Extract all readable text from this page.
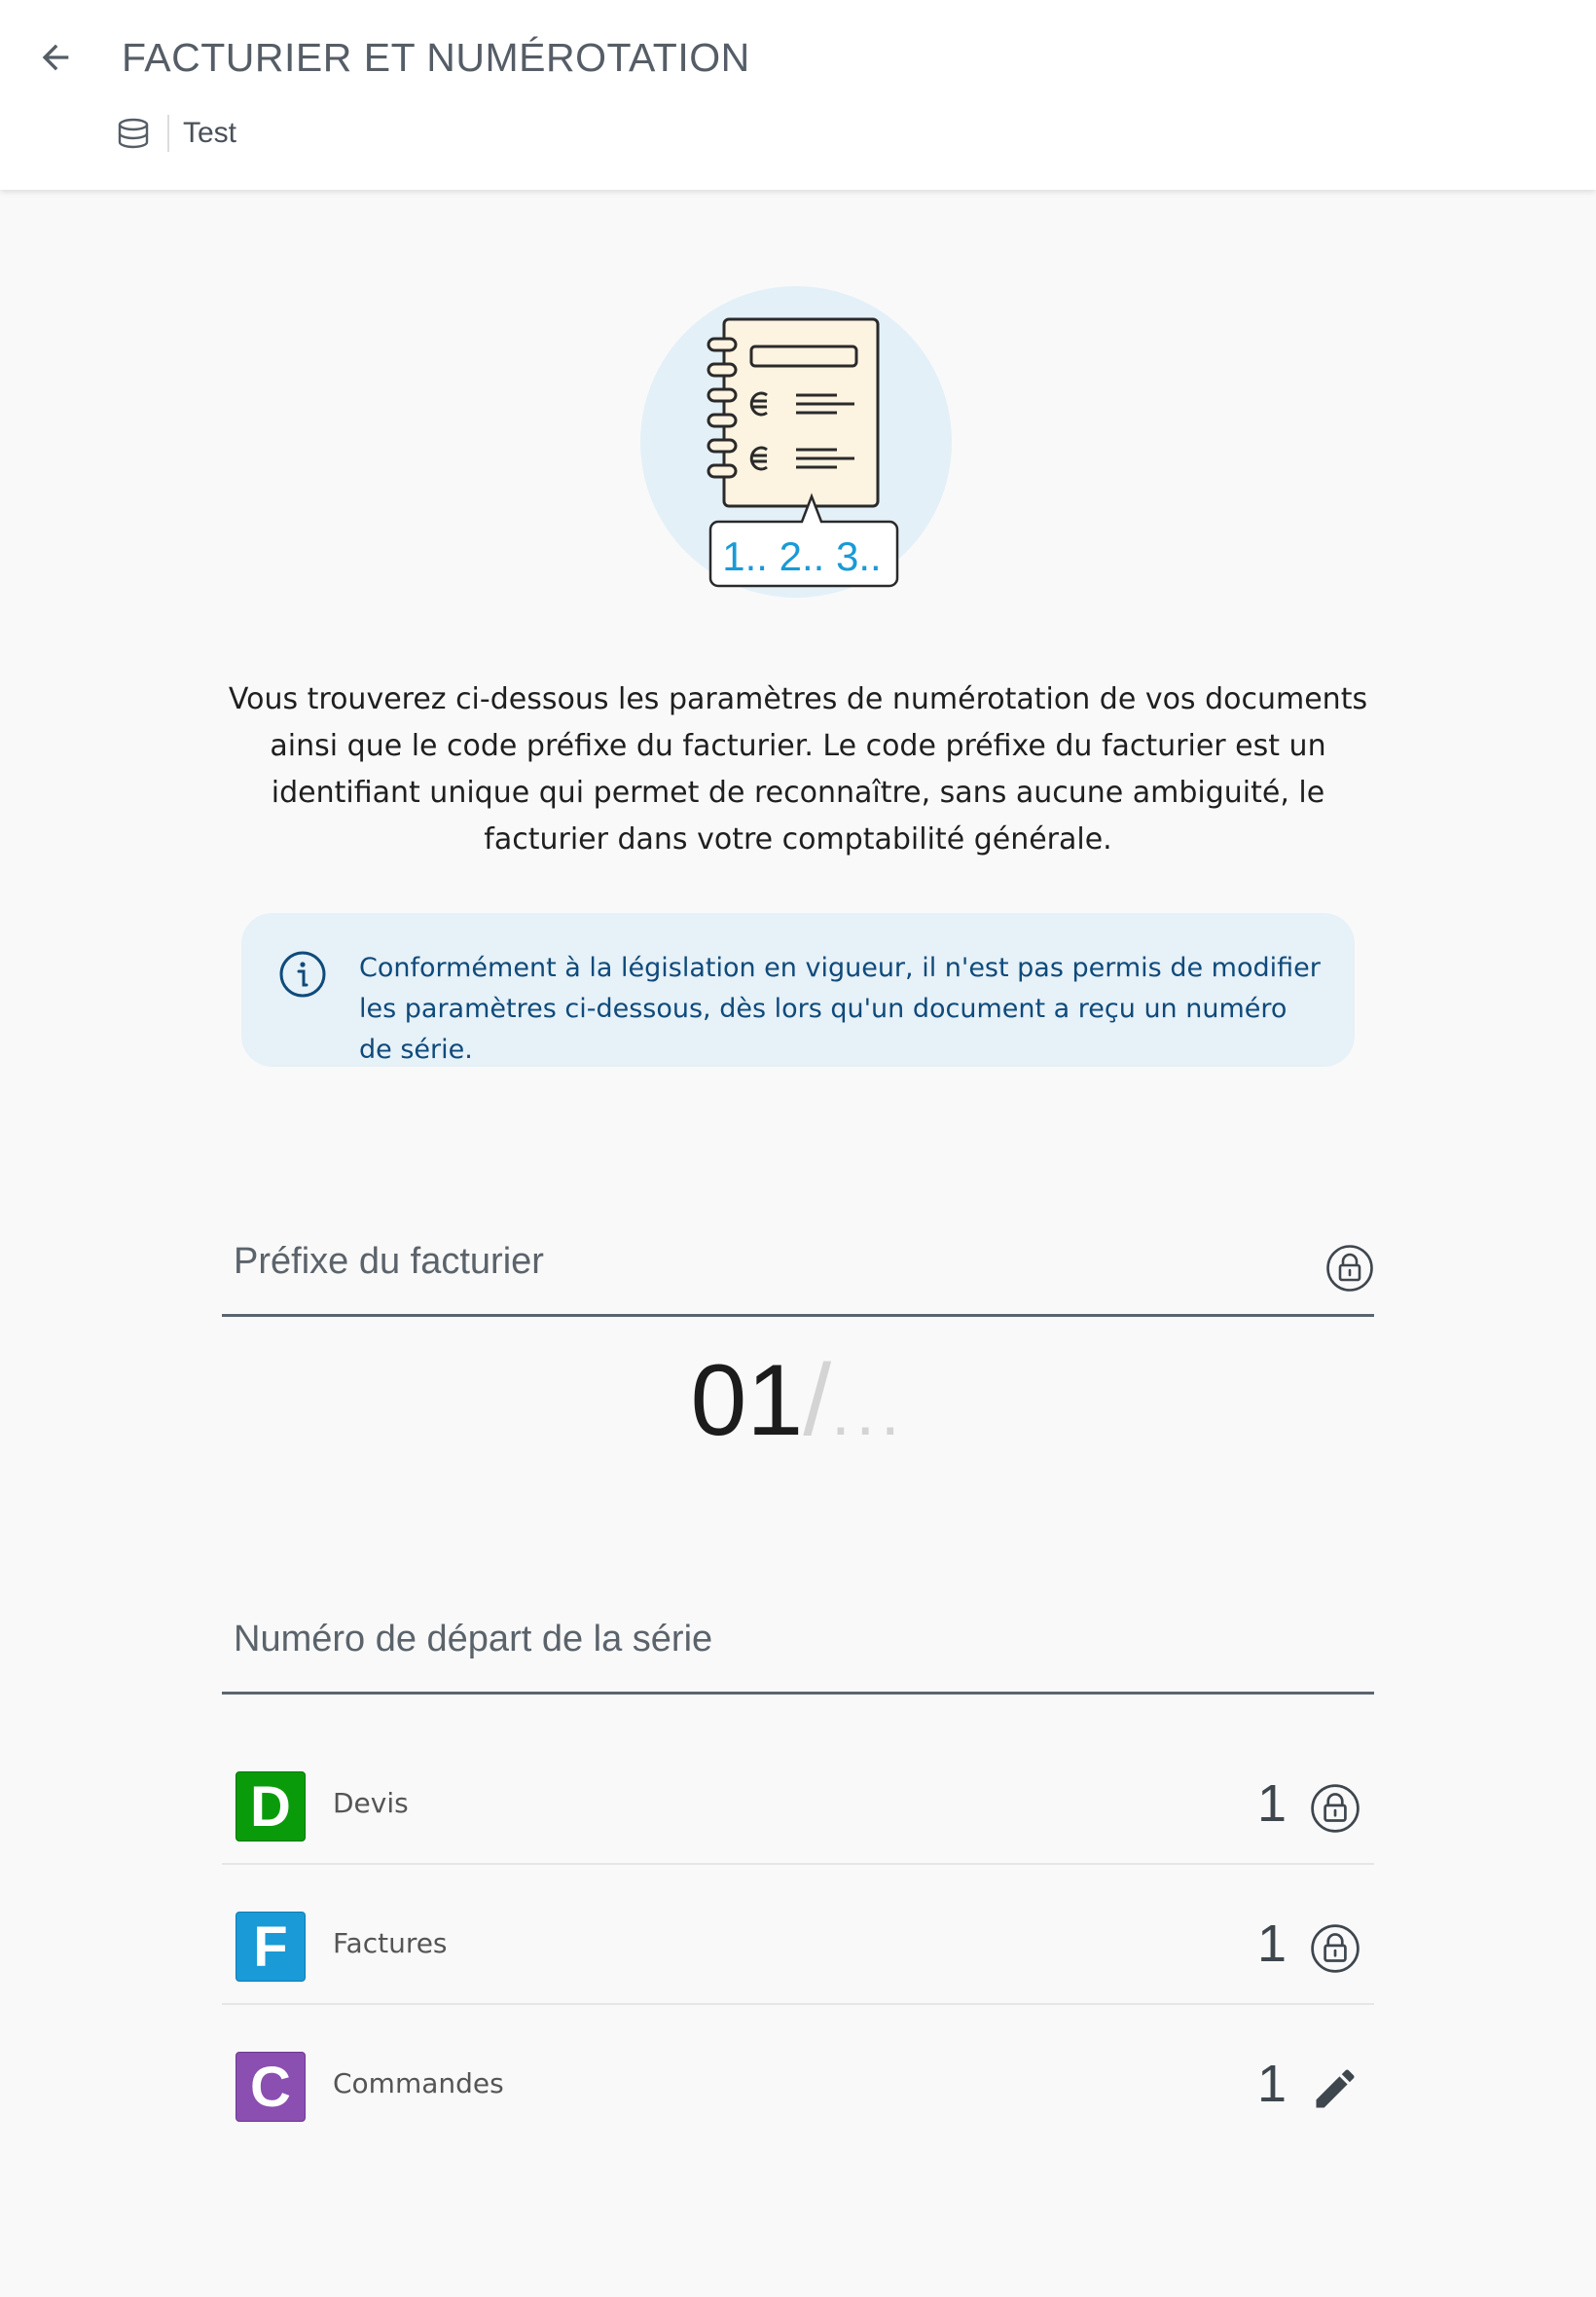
FACTURIER ET NUMÉROTATION
Test
1.. 2.. 3..
Vous trouverez ci-dessous les paramètres de numérotation de vos documents ainsi que le code préfixe du facturier. Le code préfixe du facturier est un identifiant unique qui permet de reconnaître, sans aucune ambiguité, le facturier dans votre comptabilité générale.
Conformément à la législation en vigueur, il n'est pas permis de modifier les paramètres ci-dessous, dès lors qu'un document a reçu un numéro de série.
Préfixe du facturier
01/...
Numéro de départ de la série
D	Devis	1
F	Factures	1
C	Commandes	1
